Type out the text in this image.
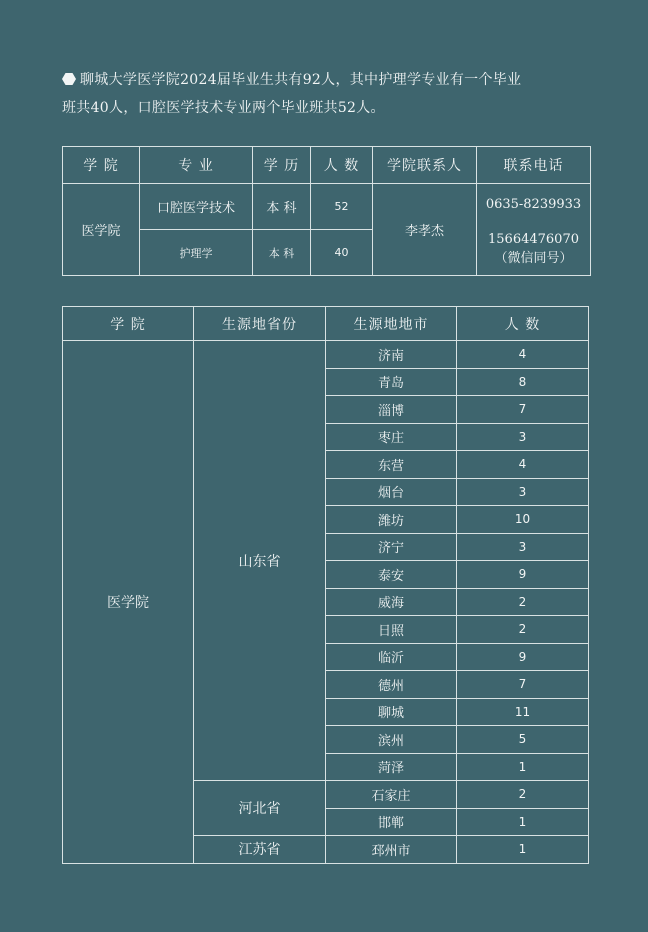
聊城大学医学院2024届毕业生共有92人，其中护理学专业有一个毕业
班共40人，口腔医学技术专业两个毕业班共52人。
学 院	专 业	学 历	人 数	学院联系人	联系电话
医学院	口腔医学技术	本 科	52	李孝杰	0635-8239933
15664476070
（微信同号）

	护理学	本 科	40		
学 院	生源地省份	生源地地市	人 数
医学院	山东省	济南	4
		青岛	8
		淄博	7
		枣庄	3
		东营	4
		烟台	3
		潍坊	10
		济宁	3
		泰安	9
		威海	2
		日照	2
		临沂	9
		德州	7
		聊城	11
		滨州	5
		菏泽	1
	河北省	石家庄	2
		邯郸	1
	江苏省	邳州市	1
